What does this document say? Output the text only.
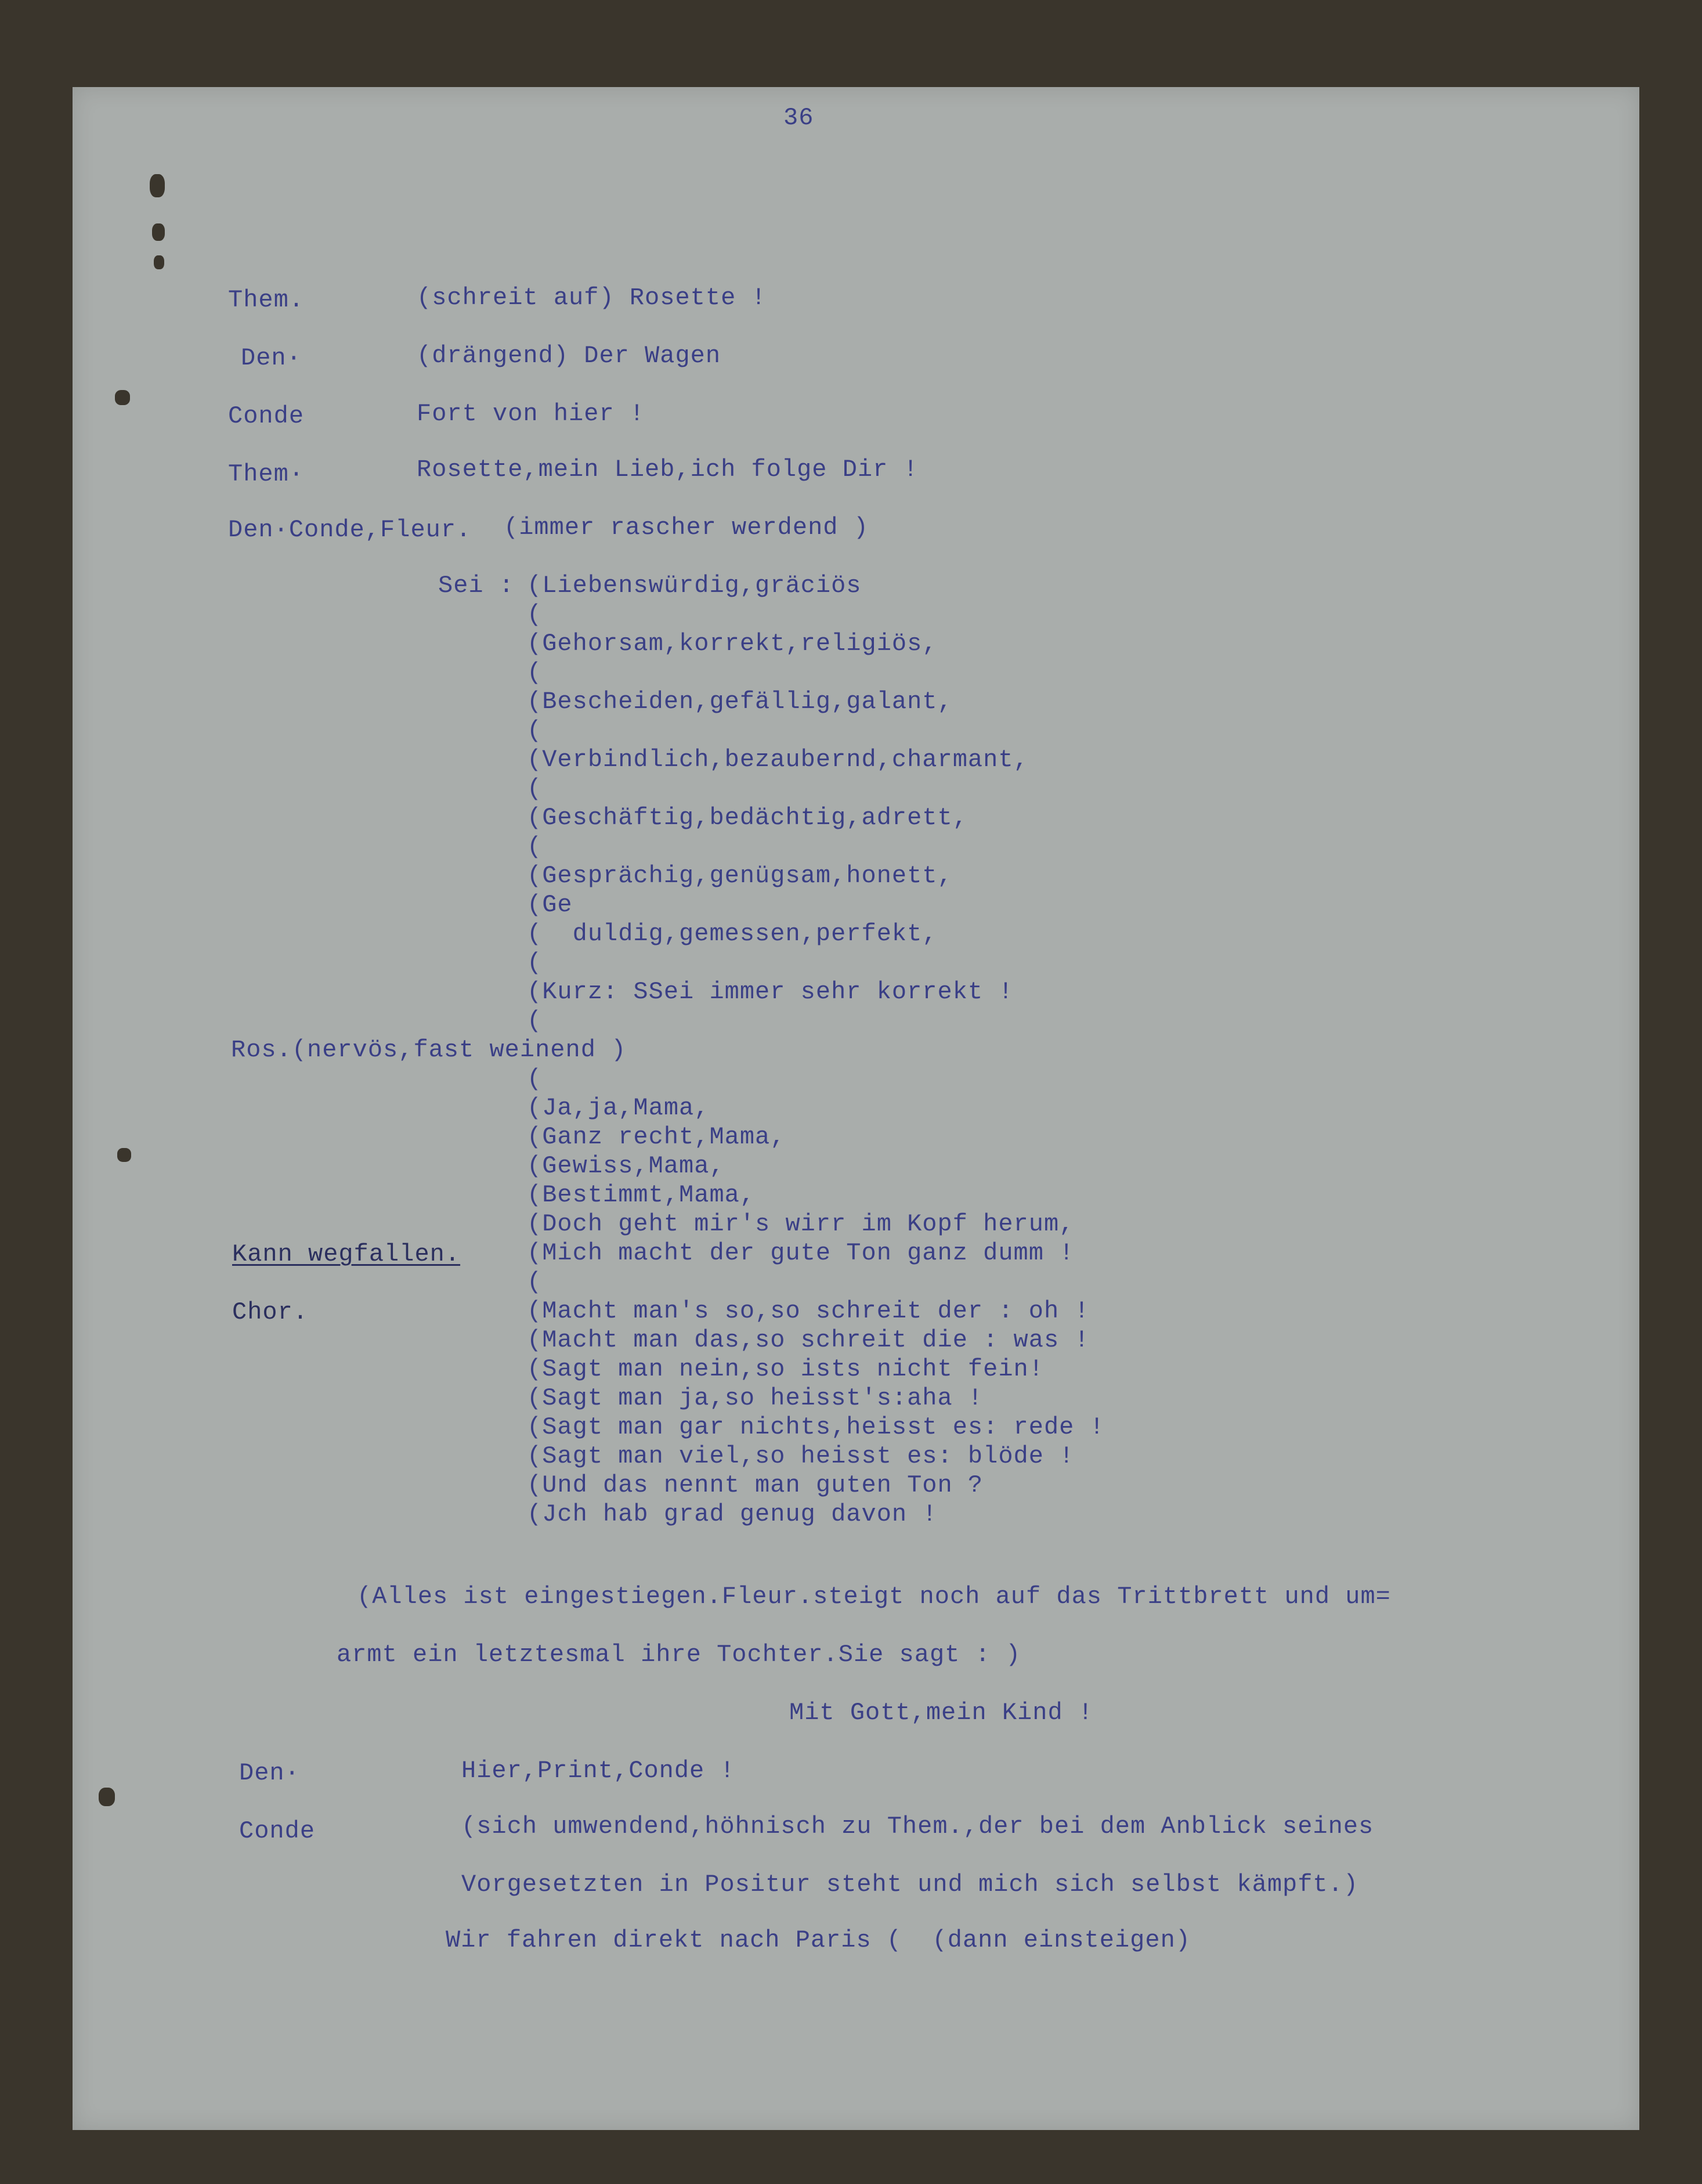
36
Them.	(schreit auf) Rosette !
Den·	(drängend) Der Wagen
Conde	Fort von hier !
Them·	Rosette,mein Lieb,ich folge Dir !
Den·Conde,Fleur. (immer rascher werdend )
Sei : (Liebenswürdig,gräciös
(
(Gehorsam,korrekt,religiös,
(
(Bescheiden,gefällig,galant,
(
(Verbindlich,bezaubernd,charmant,
(
(Geschäftig,bedächtig,adrett,
(
(Gesprächig,genügsam,honett,
(Ge
(  duldig,gemessen,perfekt,
(
(Kurz: SSei immer sehr korrekt !
(
Ros.(nervös,fast weinend )
(
(Ja,ja,Mama,
(Ganz recht,Mama,
(Gewiss,Mama,
(Bestimmt,Mama,
(Doch geht mir's wirr im Kopf herum,
(Mich macht der gute Ton ganz dumm !
(
Kann wegfallen.
Chor.	(Macht man's so,so schreit der : oh !
(Macht man das,so schreit die : was !
(Sagt man nein,so ists nicht fein!
(Sagt man ja,so heisst's:aha !
(Sagt man gar nichts,heisst es: rede !
(Sagt man viel,so heisst es: blöde !
(Und das nennt man guten Ton ?
(Jch hab grad genug davon !
(Alles ist eingestiegen.Fleur.steigt noch auf das Trittbrett und um=
armt ein letztesmal ihre Tochter.Sie sagt : )
Mit Gott,mein Kind !
Den·	Hier,Print,Conde !
Conde	(sich umwendend,höhnisch zu Them.,der bei dem Anblick seines
Vorgesetzten in Positur steht und mich sich selbst kämpft.)
Wir fahren direkt nach Paris (  (dann einsteigen)
